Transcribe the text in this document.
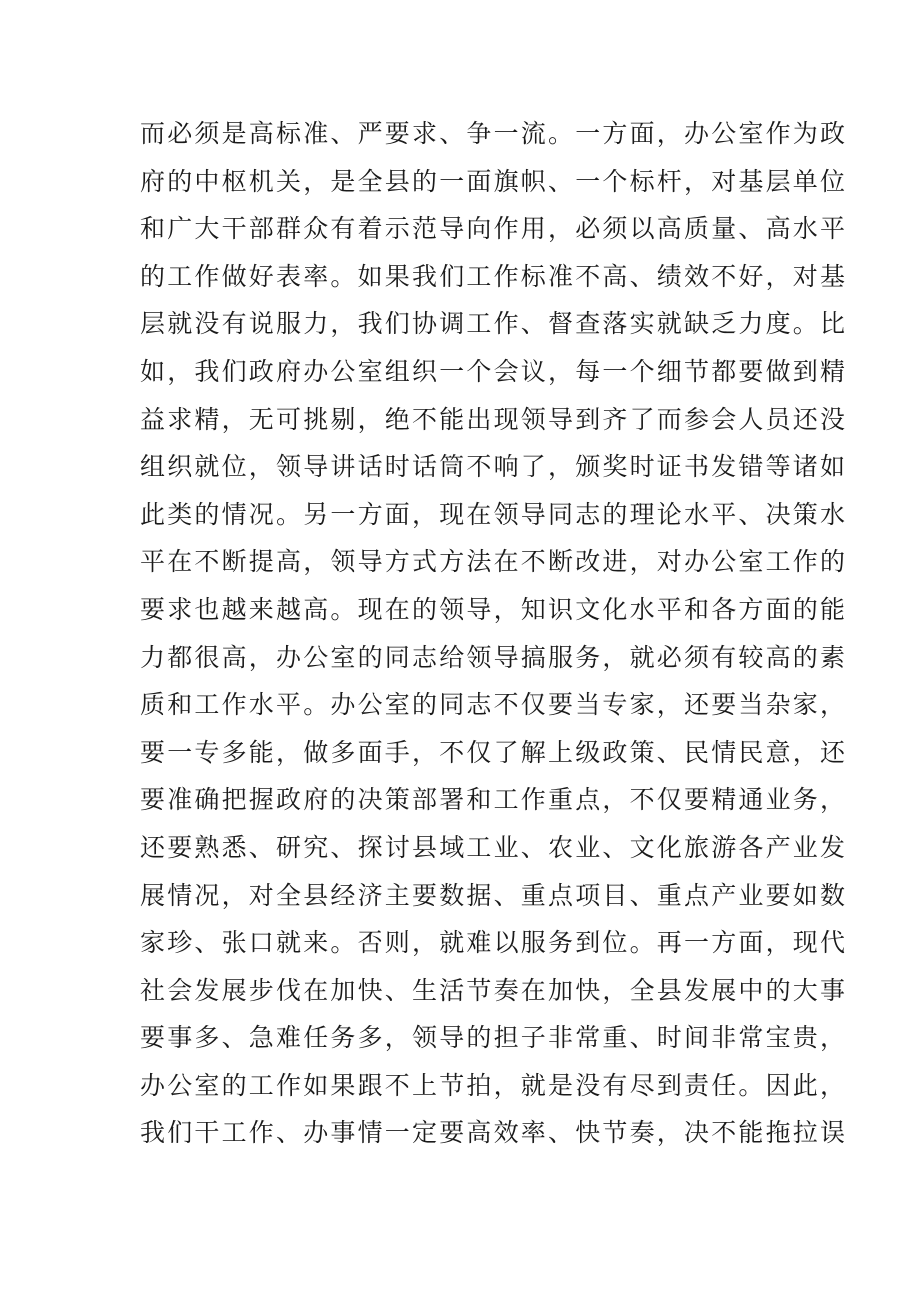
而必须是高标准、严要求、争一流。一方面，办公室作为政
府的中枢机关，是全县的一面旗帜、一个标杆，对基层单位
和广大干部群众有着示范导向作用，必须以高质量、高水平
的工作做好表率。如果我们工作标准不高、绩效不好，对基
层就没有说服力，我们协调工作、督查落实就缺乏力度。比
如，我们政府办公室组织一个会议，每一个细节都要做到精
益求精，无可挑剔，绝不能出现领导到齐了而参会人员还没
组织就位，领导讲话时话筒不响了，颁奖时证书发错等诸如
此类的情况。另一方面，现在领导同志的理论水平、决策水
平在不断提高，领导方式方法在不断改进，对办公室工作的
要求也越来越高。现在的领导，知识文化水平和各方面的能
力都很高，办公室的同志给领导搞服务，就必须有较高的素
质和工作水平。办公室的同志不仅要当专家，还要当杂家，
要一专多能，做多面手，不仅了解上级政策、民情民意，还
要准确把握政府的决策部署和工作重点，不仅要精通业务，
还要熟悉、研究、探讨县域工业、农业、文化旅游各产业发
展情况，对全县经济主要数据、重点项目、重点产业要如数
家珍、张口就来。否则，就难以服务到位。再一方面，现代
社会发展步伐在加快、生活节奏在加快，全县发展中的大事
要事多、急难任务多，领导的担子非常重、时间非常宝贵，
办公室的工作如果跟不上节拍，就是没有尽到责任。因此，
我们干工作、办事情一定要高效率、快节奏，决不能拖拉误
